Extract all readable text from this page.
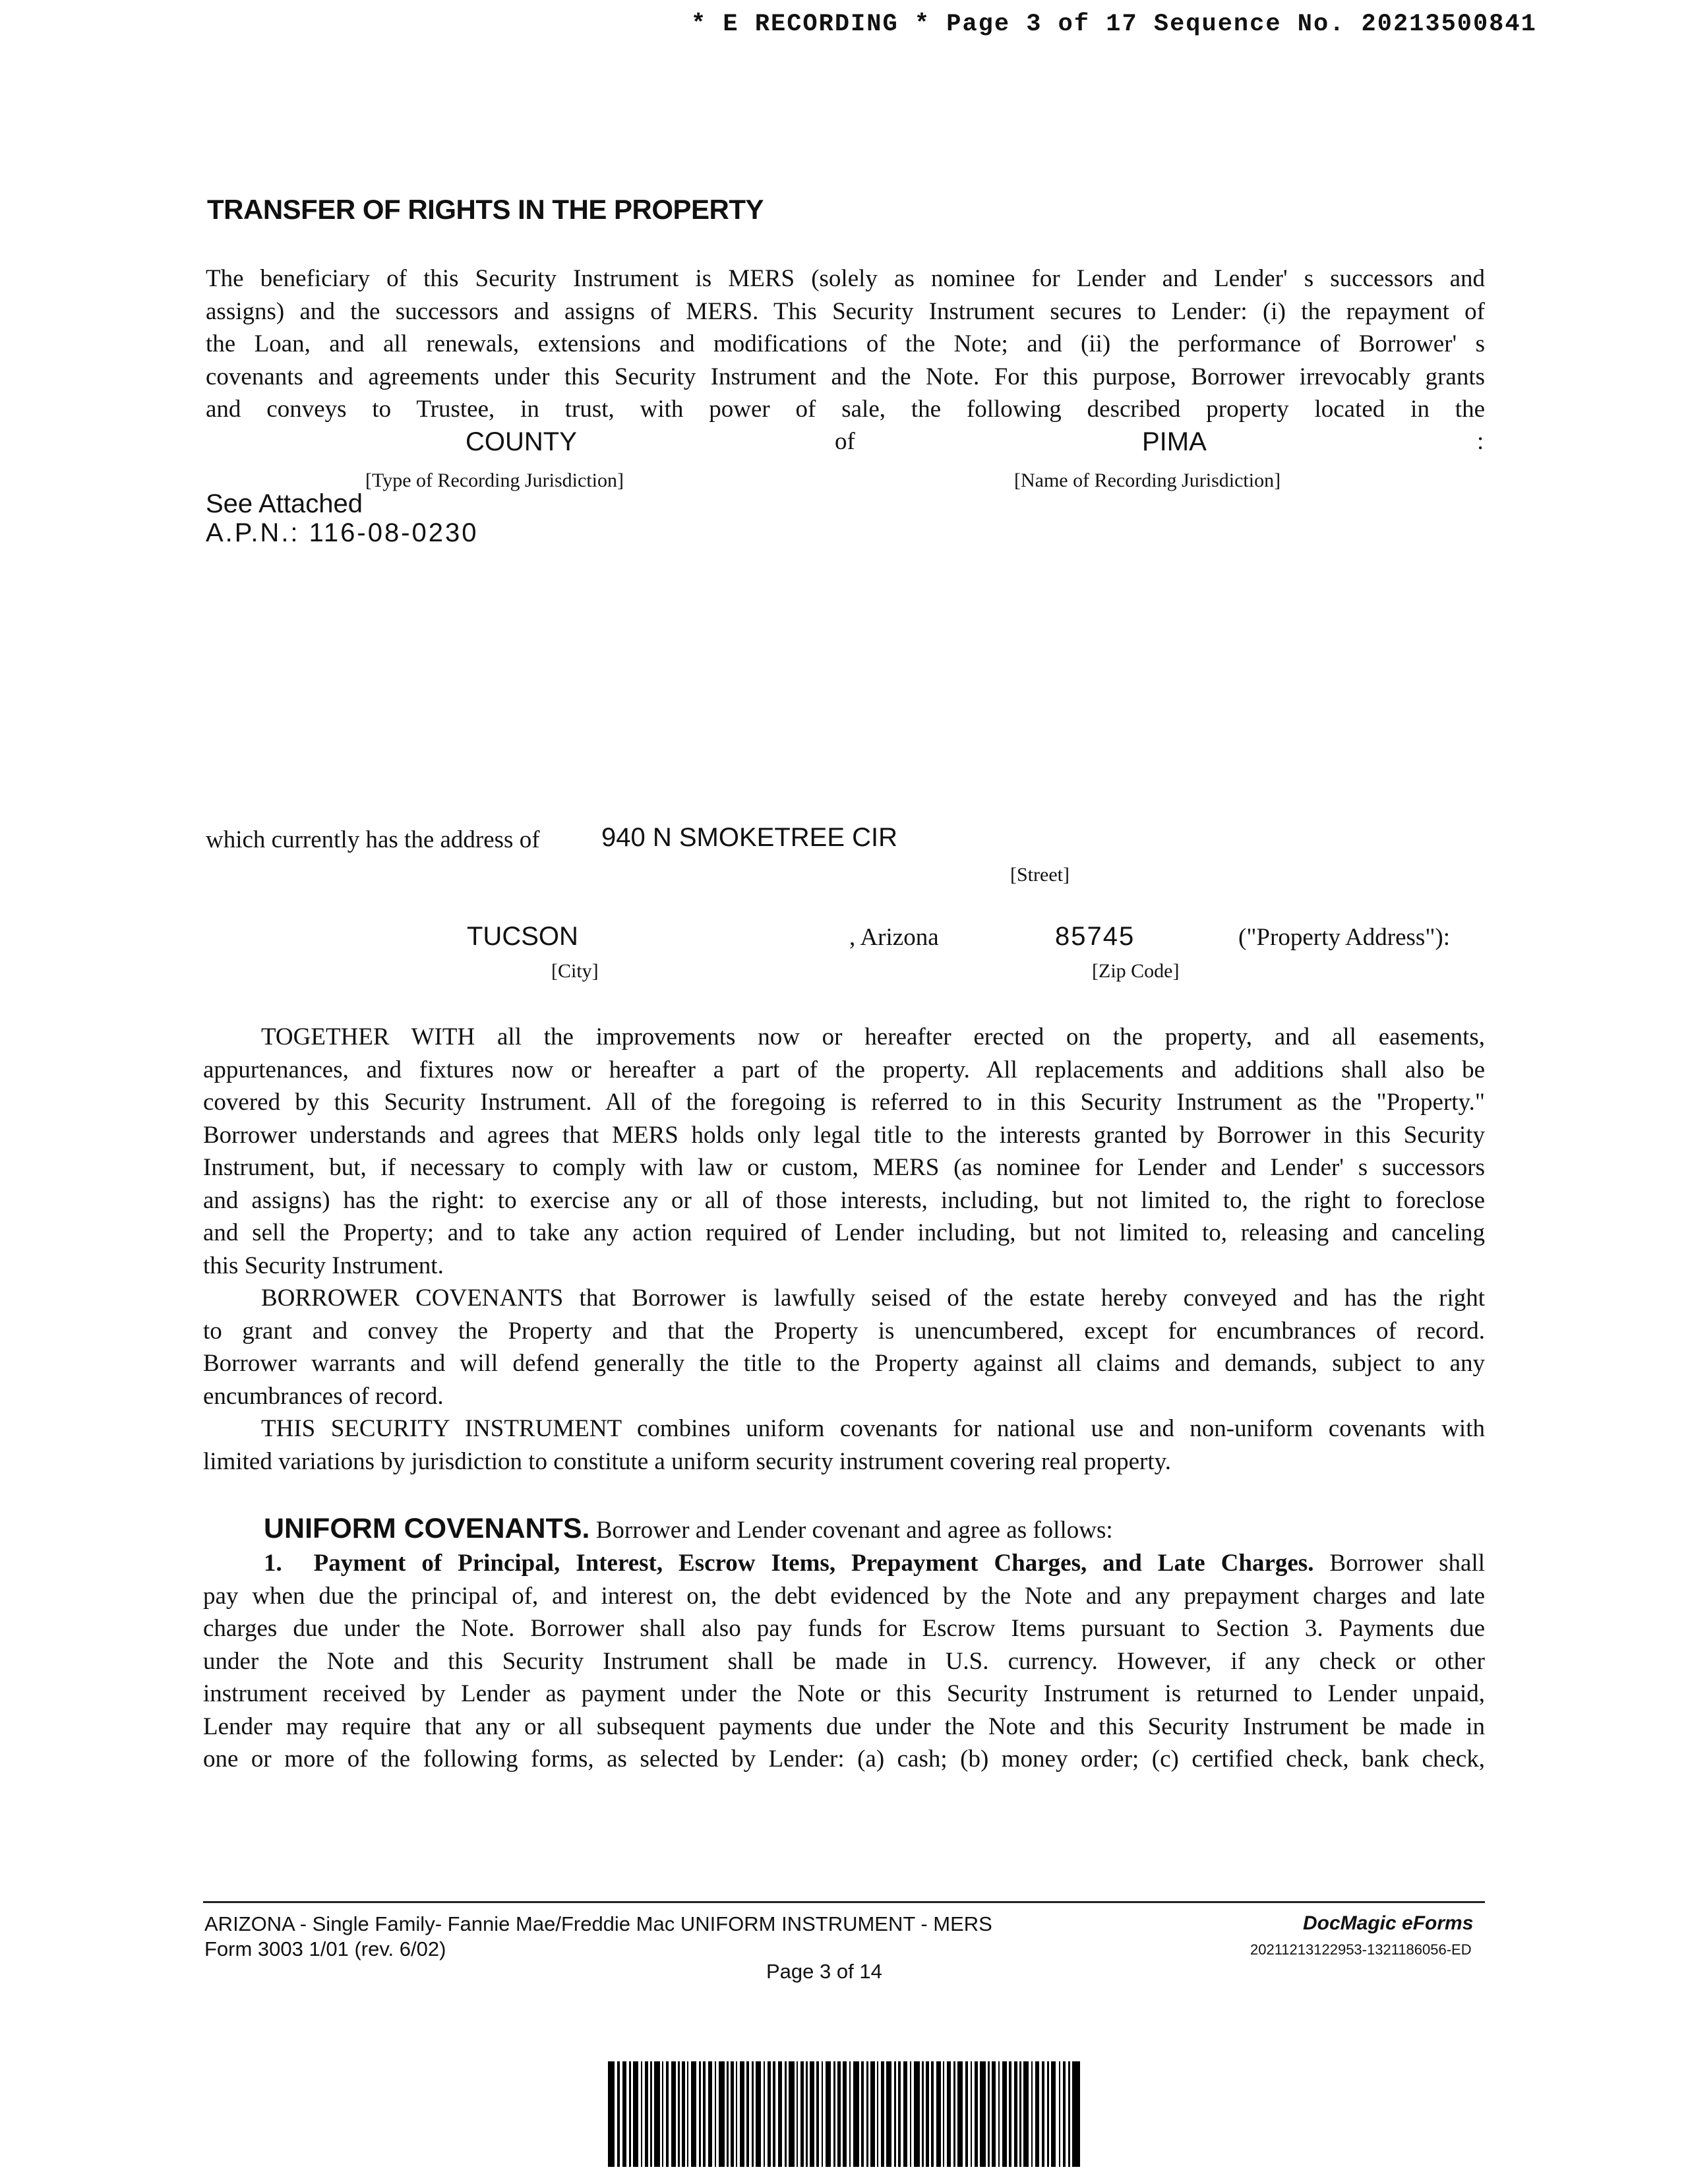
* E RECORDING * Page 3 of 17 Sequence No. 20213500841
TRANSFER OF RIGHTS IN THE PROPERTY
The beneficiary of this Security Instrument is MERS (solely as nominee for Lender and Lender' s successors and
assigns) and the successors and assigns of MERS. This Security Instrument secures to Lender: (i) the repayment of
the Loan, and all renewals, extensions and modifications of the Note; and (ii) the performance of Borrower' s
covenants and agreements under this Security Instrument and the Note. For this purpose, Borrower irrevocably grants
and conveys to Trustee, in trust, with power of sale, the following described property located in the
COUNTY	of	PIMA	:
[Type of Recording Jurisdiction]	[Name of Recording Jurisdiction]
See Attached
A.P.N.: 116-08-0230
which currently has the address of 940 N SMOKETREE CIR
[Street]
TUCSON	, Arizona	85745	("Property Address"):
[City]	[Zip Code]
TOGETHER WITH all the improvements now or hereafter erected on the property, and all easements,
appurtenances, and fixtures now or hereafter a part of the property. All replacements and additions shall also be
covered by this Security Instrument. All of the foregoing is referred to in this Security Instrument as the "Property."
Borrower understands and agrees that MERS holds only legal title to the interests granted by Borrower in this Security
Instrument, but, if necessary to comply with law or custom, MERS (as nominee for Lender and Lender' s successors
and assigns) has the right: to exercise any or all of those interests, including, but not limited to, the right to foreclose
and sell the Property; and to take any action required of Lender including, but not limited to, releasing and canceling
this Security Instrument.
BORROWER COVENANTS that Borrower is lawfully seised of the estate hereby conveyed and has the right
to grant and convey the Property and that the Property is unencumbered, except for encumbrances of record.
Borrower warrants and will defend generally the title to the Property against all claims and demands, subject to any
encumbrances of record.
THIS SECURITY INSTRUMENT combines uniform covenants for national use and non-uniform covenants with
limited variations by jurisdiction to constitute a uniform security instrument covering real property.
UNIFORM COVENANTS. Borrower and Lender covenant and agree as follows:
1. Payment of Principal, Interest, Escrow Items, Prepayment Charges, and Late Charges. Borrower shall
pay when due the principal of, and interest on, the debt evidenced by the Note and any prepayment charges and late
charges due under the Note. Borrower shall also pay funds for Escrow Items pursuant to Section 3. Payments due
under the Note and this Security Instrument shall be made in U.S. currency. However, if any check or other
instrument received by Lender as payment under the Note or this Security Instrument is returned to Lender unpaid,
Lender may require that any or all subsequent payments due under the Note and this Security Instrument be made in
one or more of the following forms, as selected by Lender: (a) cash; (b) money order; (c) certified check, bank check,
ARIZONA - Single Family- Fannie Mae/Freddie Mac UNIFORM INSTRUMENT - MERS
Form 3003 1/01 (rev. 6/02)
Page 3 of 14
DocMagic eForms
20211213122953-1321186056-ED
